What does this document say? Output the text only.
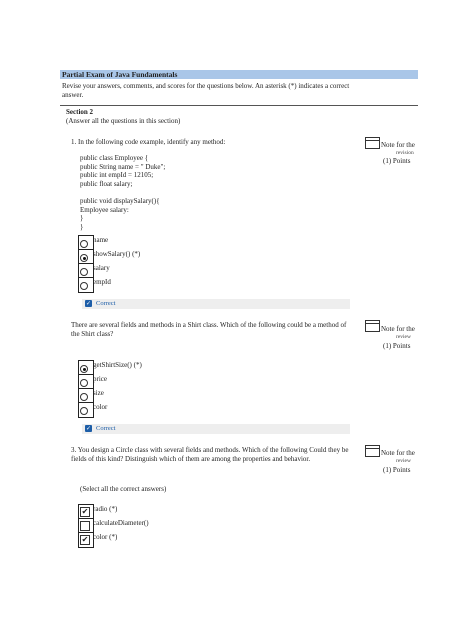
Partial Exam of Java Fundamentals
Revise your answers, comments, and scores for the questions below. An asterisk (*) indicates a correct answer.
Section 2
(Answer all the questions in this section)
1. In the following code example, identify any method:
public class Employee {
public String name = " Duke";
public int empId = 12105;
public float salary;

public void displaySalary(){
Employee salary:
}
}
Note for the
revision
(1) Points
name
showSalary() (*)
salary
empId
✓ Correct
There are several fields and methods in a Shirt class. Which of the following could be a method of the Shirt class?
Note for the
review
(1) Points
getShirtSize() (*)
price
size
color
✓ Correct
3. You design a Circle class with several fields and methods. Which of the following Could they be fields of this kind? Distinguish which of them are among the properties and behavior.
(Select all the correct answers)
Note for the
review
(1) Points
✔ radio (*)
calculateDiameter()
✔ color (*)
